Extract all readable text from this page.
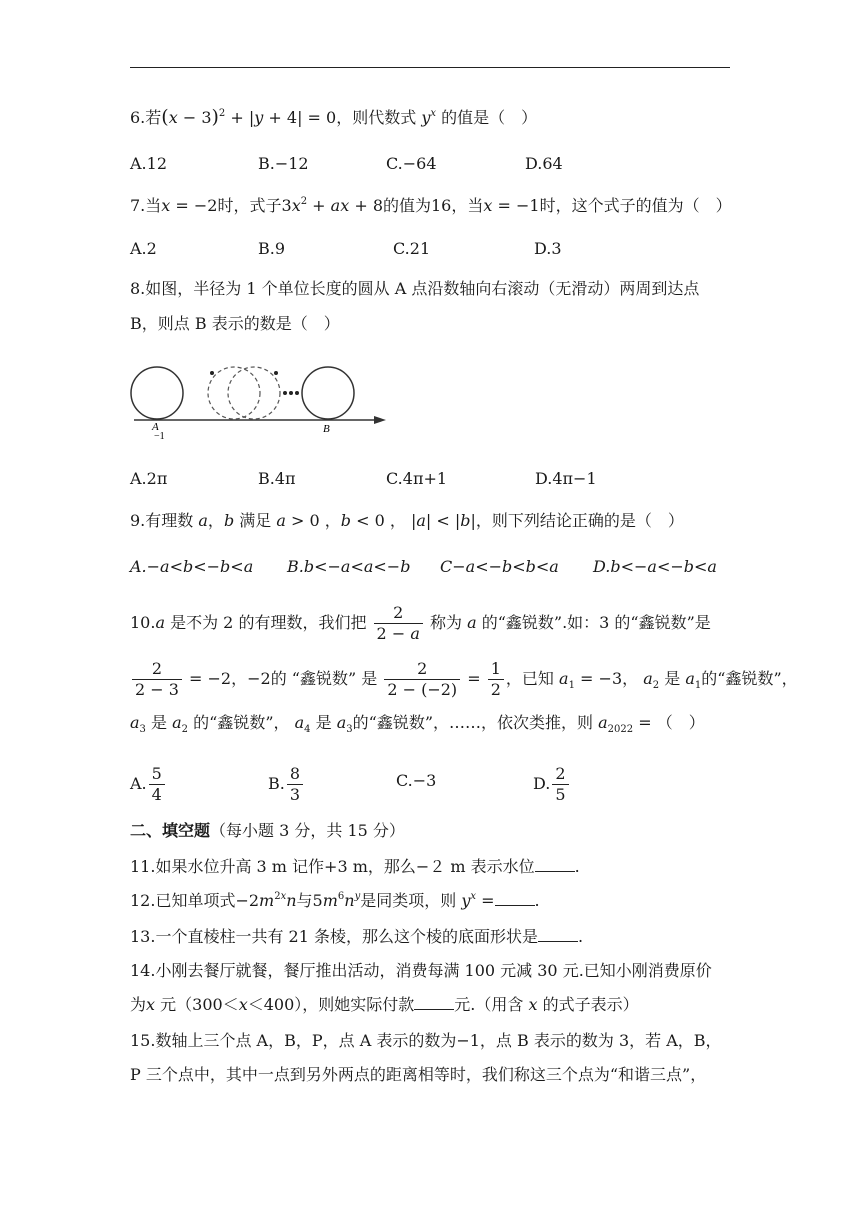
6.若$(x - 3)^2 + |y + 4| = 0$，则代数式 $y^x$ 的值是（　）
A.12	B.−12	C.−64	D.64
7.当x = −2时，式子$3x^2$ + ax + 8的值为16，当x = −1时，这个式子的值为（　）
A.2	B.9	C.21	D.3
8.如图，半径为 1 个单位长度的圆从 A 点沿数轴向右滚动（无滑动）两周到达点
B，则点 B 表示的数是（　）
A
−1
B
A.2π	B.4π	C.4π+1	D.4π−1
9.有理数 a，b 满足 a > 0 ，b < 0 ， |a| < |b|，则下列结论正确的是（　）
A.−a<b<−b<a B.b<−a<a<−b C−a<−b<b<a D.b<−a<−b<a
10.a 是不为 2 的有理数，我们把 $\frac{2}{2 - a}$ 称为 a 的“鑫锐数”.如：3 的“鑫锐数”是
$\frac{2}{2 - 3} = -2$，−2的 “鑫锐数” 是 $\frac{2}{2 - (-2)} = \frac{1}{2}$ ，已知 $a_1 = -3$， $a_2$ 是 $a_1$的“鑫锐数”，
$a_3$ 是 $a_2$ 的“鑫锐数”， $a_4$ 是 $a_3$的“鑫锐数”，……，依次类推，则 $a_{2022}$ = （　）
A. $\frac{5}{4}$	B. $\frac{8}{3}$	C.−3	D. $\frac{2}{5}$
二、填空题（每小题 3 分，共 15 分）
11.如果水位升高 3 m 记作+3 m，那么−２ m 表示水位	.
12.已知单项式$-2m^{2x}n$与$5m^6n^y$是同类项，则 $y^x$ =	.
13.一个直棱柱一共有 21 条棱，那么这个棱的底面形状是	.
14.小刚去餐厅就餐，餐厅推出活动，消费每满 100 元减 30 元.已知小刚消费原价
为x 元（300＜x＜400），则她实际付款	元.（用含 x 的式子表示）
15.数轴上三个点 A，B，P，点 A 表示的数为−1，点 B 表示的数为 3，若 A，B，
P 三个点中，其中一点到另外两点的距离相等时，我们称这三个点为“和谐三点”，
